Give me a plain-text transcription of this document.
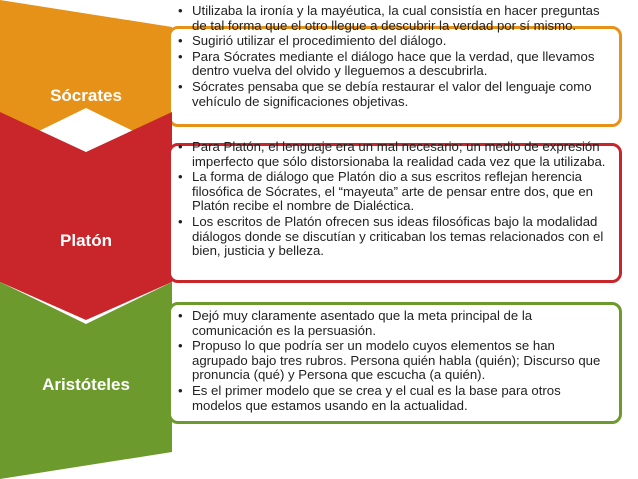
Sócrates
• Utilizaba la ironía y la mayéutica, la cual consistía en hacer preguntas de tal forma que el otro llegue a descubrir la verdad por sí mismo.
• Sugirió utilizar el procedimiento del diálogo.
• Para Sócrates mediante el diálogo hace que la verdad, que llevamos dentro vuelva del olvido y lleguemos a descubrirla.
• Sócrates pensaba que se debía restaurar el valor del lenguaje como vehículo de significaciones objetivas.
Platón
• Para Platón, el lenguaje era un mal necesario; un medio de expresión imperfecto que sólo distorsionaba la realidad cada vez que la utilizaba.
• La forma de diálogo que Platón dio a sus escritos reflejan herencia filosófica de Sócrates, el “mayeuta” arte de pensar entre dos, que en Platón recibe el nombre de Dialéctica.
• Los escritos de Platón ofrecen sus ideas filosóficas bajo la modalidad diálogos donde se discutían y criticaban los temas relacionados con el bien, justicia y belleza.
Aristóteles
• Dejó muy claramente asentado que la meta principal de la comunicación es la persuasión.
• Propuso lo que podría ser un modelo cuyos elementos se han agrupado bajo tres rubros. Persona quién habla (quién); Discurso que pronuncia (qué) y Persona que escucha (a quién).
• Es el primer modelo que se crea y el cual es la base para otros modelos que estamos usando en la actualidad.
